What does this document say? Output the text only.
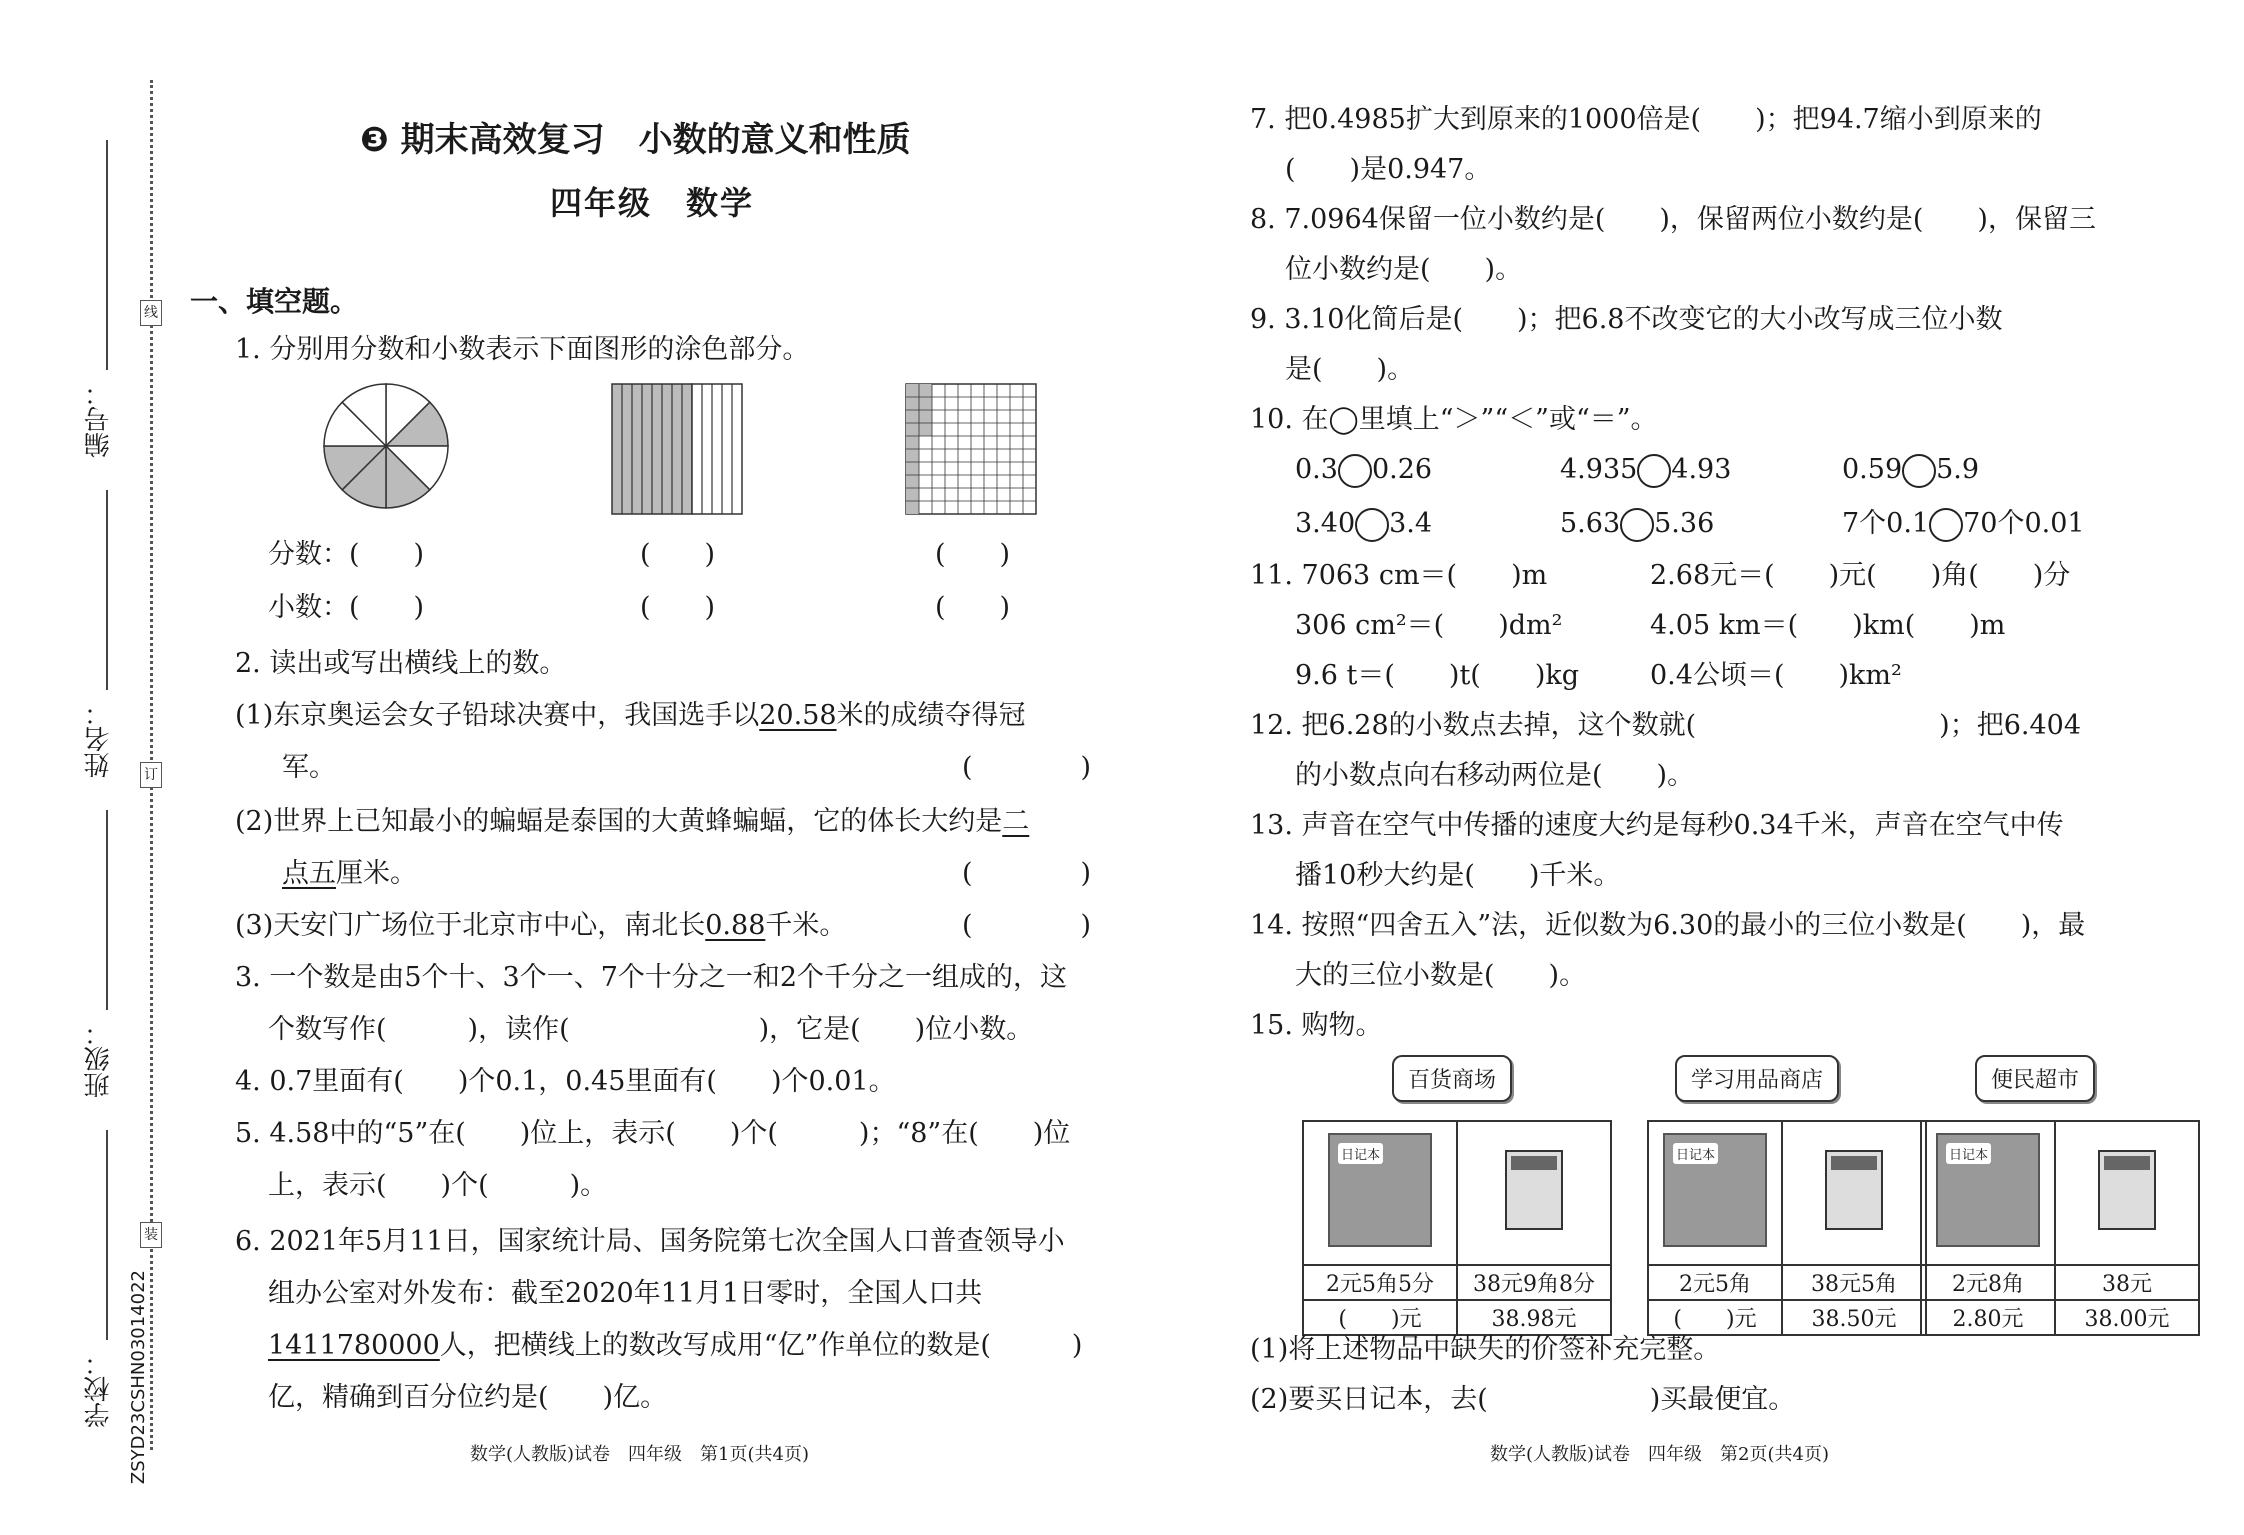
编号：
姓名：
班级：
学校：
线
订
装
ZSYD23CSHN03014022
❸ 期末高效复习　小数的意义和性质
四年级　数学
一、填空题。
1. 分别用分数和小数表示下面图形的涂色部分。
分数：(　　)	(　　)	(　　)
小数：(　　)	(　　)	(　　)
2. 读出或写出横线上的数。
(1)东京奥运会女子铅球决赛中，我国选手以20.58米的成绩夺得冠
军。	(　　　　)
(2)世界上已知最小的蝙蝠是泰国的大黄蜂蝙蝠，它的体长大约是二
点五厘米。	(　　　　)
(3)天安门广场位于北京市中心，南北长0.88千米。	(　　　　)
3. 一个数是由5个十、3个一、7个十分之一和2个千分之一组成的，这
个数写作(　　　)，读作(　　　　　　　)，它是(　　)位小数。
4. 0.7里面有(　　)个0.1，0.45里面有(　　)个0.01。
5. 4.58中的“5”在(　　)位上，表示(　　)个(　　　)；“8”在(　　)位
上，表示(　　)个(　　　)。
6. 2021年5月11日，国家统计局、国务院第七次全国人口普查领导小
组办公室对外发布：截至2020年11月1日零时，全国人口共
1411780000人，把横线上的数改写成用“亿”作单位的数是(　　　)
亿，精确到百分位约是(　　)亿。
数学(人教版)试卷　四年级　第1页(共4页)
7. 把0.4985扩大到原来的1000倍是(　　)；把94.7缩小到原来的
(　　)是0.947。
8. 7.0964保留一位小数约是(　　)，保留两位小数约是(　　)，保留三
位小数约是(　　)。
9. 3.10化简后是(　　)；把6.8不改变它的大小改写成三位小数
是(　　)。
10. 在◯里填上“＞”“＜”或“＝”。
0.3 0.26	4.935 4.93	0.59 5.9
3.40 3.4	5.63 5.36	7个0.1 70个0.01
11. 7063 cm＝(　　)m	2.68元＝(　　)元(　　)角(　　)分
306 cm²＝(　　)dm²	4.05 km＝(　　)km(　　)m
9.6 t＝(　　)t(　　)kg	0.4公顷＝(　　)km²
12. 把6.28的小数点去掉，这个数就(　　　　　　　　　)；把6.404
的小数点向右移动两位是(　　)。
13. 声音在空气中传播的速度大约是每秒0.34千米，声音在空气中传
播10秒大约是(　　)千米。
14. 按照“四舍五入”法，近似数为6.30的最小的三位小数是(　　)，最
大的三位小数是(　　)。
15. 购物。
百货商场	学习用品商店	便民超市
日记本	

2元5角5分	38元9角8分
(　　)元	38.98元
日记本	

2元5角	38元5角
(　　)元	38.50元
日记本	

2元8角	38元
2.80元	38.00元
(1)将上述物品中缺失的价签补充完整。
(2)要买日记本，去(　　　　　　)买最便宜。
数学(人教版)试卷　四年级　第2页(共4页)
